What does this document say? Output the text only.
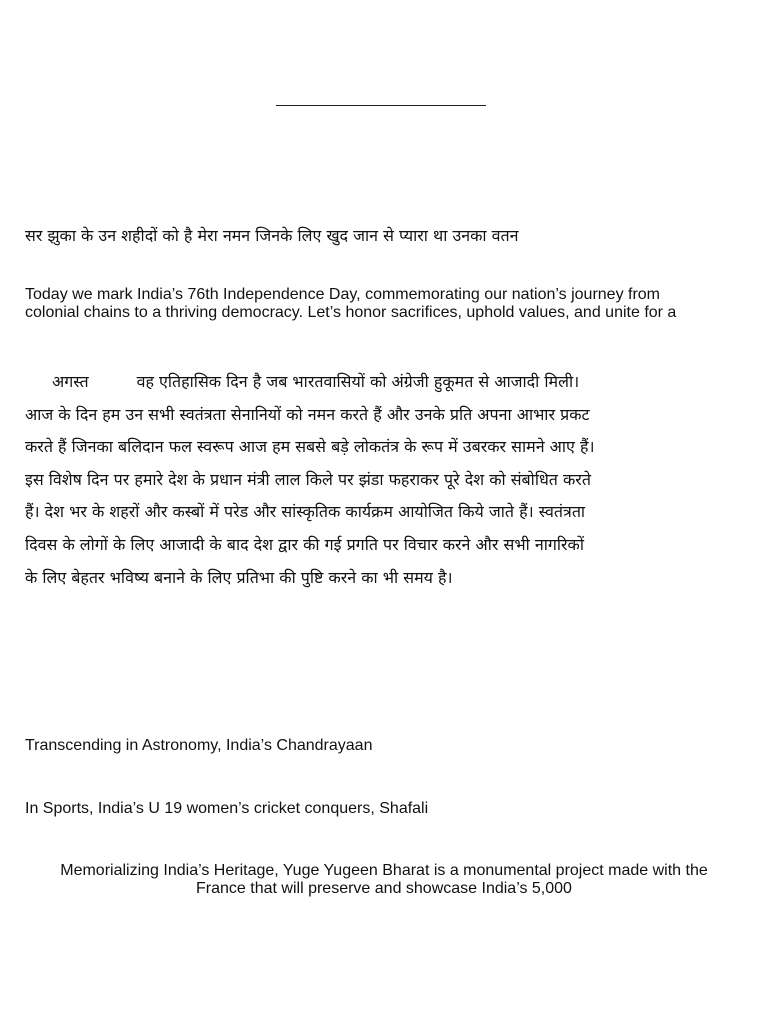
सर झुका के उन शहीदों को है मेरा नमन जिनके लिए खुद जान से प्यारा था उनका वतन
Today we mark India’s 76th Independence Day, commemorating our nation’s journey from
colonial chains to a thriving democracy. Let’s honor sacrifices, uphold values, and unite for a
अगस्त	वह एतिहासिक दिन है जब भारतवासियों को अंग्रेजी हुकूमत से आजादी मिली।
आज के दिन हम उन सभी स्वतंत्रता सेनानियों को नमन करते हैं और उनके प्रति अपना आभार प्रकट
करते हैं जिनका बलिदान फल स्वरूप आज हम सबसे बड़े लोकतंत्र के रूप में उबरकर सामने आए हैं।
इस विशेष दिन पर हमारे देश के प्रधान मंत्री लाल किले पर झंडा फहराकर पूरे देश को संबोधित करते
हैं। देश भर के शहरों और कस्बों में परेड और सांस्कृतिक कार्यक्रम आयोजित किये जाते हैं। स्वतंत्रता
दिवस के लोगों के लिए आजादी के बाद देश द्वार की गई प्रगति पर विचार करने और सभी नागरिकों
के लिए बेहतर भविष्य बनाने के लिए प्रतिभा की पुष्टि करने का भी समय है।
Transcending in Astronomy, India’s Chandrayaan
In Sports, India’s U 19 women’s cricket conquers, Shafali
Memorializing India’s Heritage, Yuge Yugeen Bharat is a monumental project made with the
France that will preserve and showcase India’s 5,000
